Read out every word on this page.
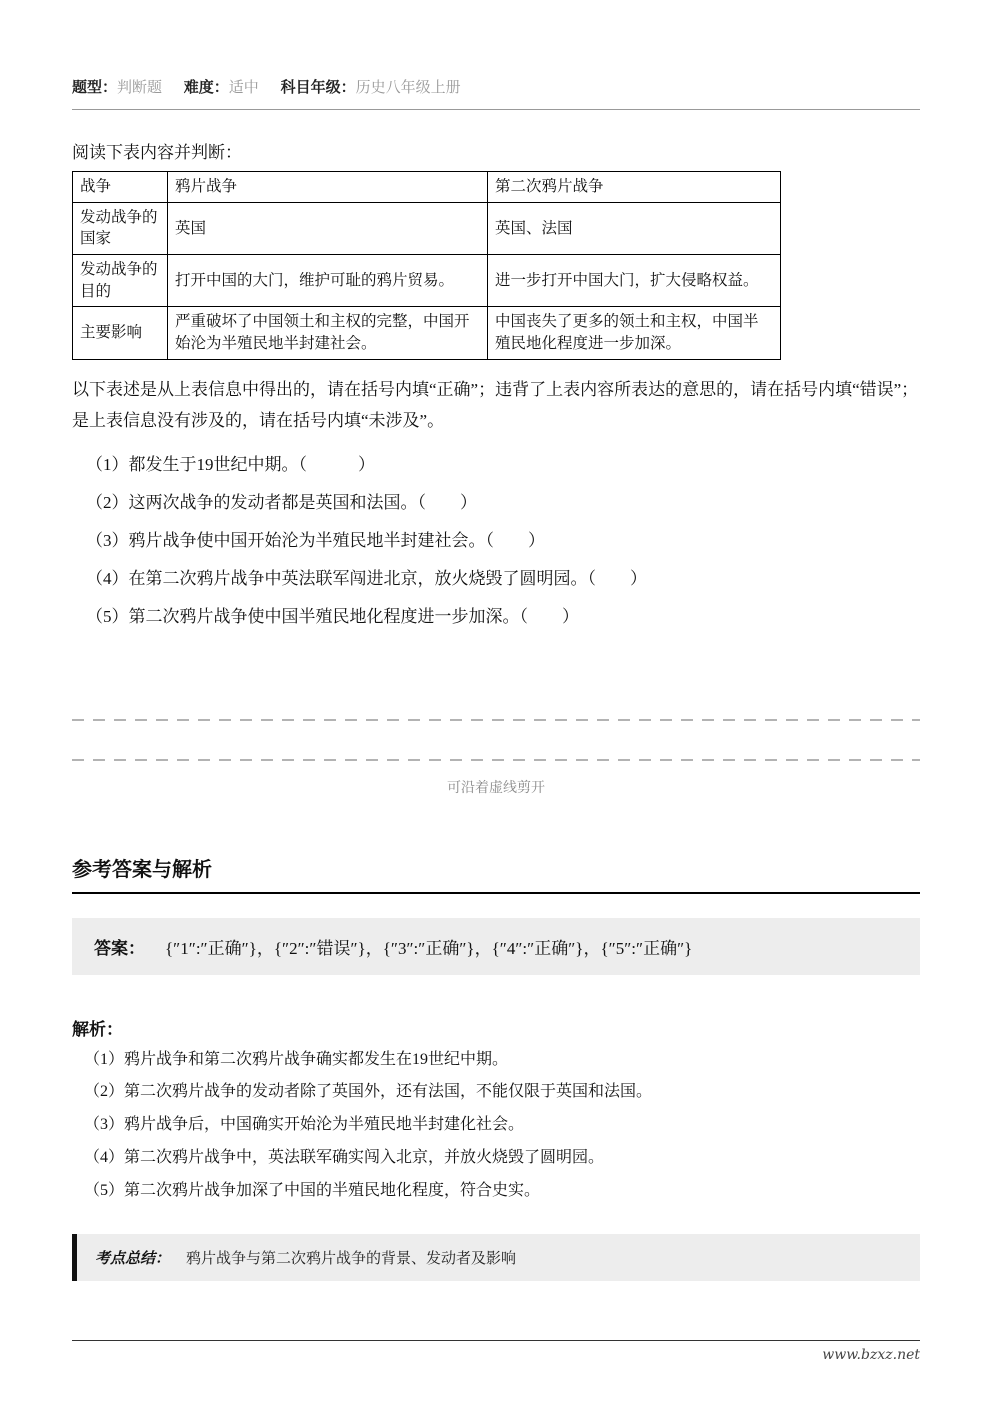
题型：判断题 难度：适中 科目年级：历史八年级上册
阅读下表内容并判断：
战争	鸦片战争	第二次鸦片战争
发动战争的国家	英国	英国、法国
发动战争的目的	打开中国的大门，维护可耻的鸦片贸易。	进一步打开中国大门，扩大侵略权益。
主要影响	严重破坏了中国领土和主权的完整，中国开始沦为半殖民地半封建社会。	中国丧失了更多的领土和主权，中国半殖民地化程度进一步加深。
以下表述是从上表信息中得出的，请在括号内填“正确”；违背了上表内容所表达的意思的，请在括号内填“错误”；是上表信息没有涉及的，请在括号内填“未涉及”。
（1）都发生于19世纪中期。（　　　）
（2）这两次战争的发动者都是英国和法国。（　　）
（3）鸦片战争使中国开始沦为半殖民地半封建社会。（　　）
（4）在第二次鸦片战争中英法联军闯进北京，放火烧毁了圆明园。（　　）
（5）第二次鸦片战争使中国半殖民地化程度进一步加深。（　　）
可沿着虚线剪开
参考答案与解析
答案： {″1″:″正确″}，{″2″:″错误″}，{″3″:″正确″}，{″4″:″正确″}，{″5″:″正确″}
解析：
（1）鸦片战争和第二次鸦片战争确实都发生在19世纪中期。
（2）第二次鸦片战争的发动者除了英国外，还有法国，不能仅限于英国和法国。
（3）鸦片战争后，中国确实开始沦为半殖民地半封建化社会。
（4）第二次鸦片战争中，英法联军确实闯入北京，并放火烧毁了圆明园。
（5）第二次鸦片战争加深了中国的半殖民地化程度，符合史实。
考点总结： 鸦片战争与第二次鸦片战争的背景、发动者及影响
www.bzxz.net
